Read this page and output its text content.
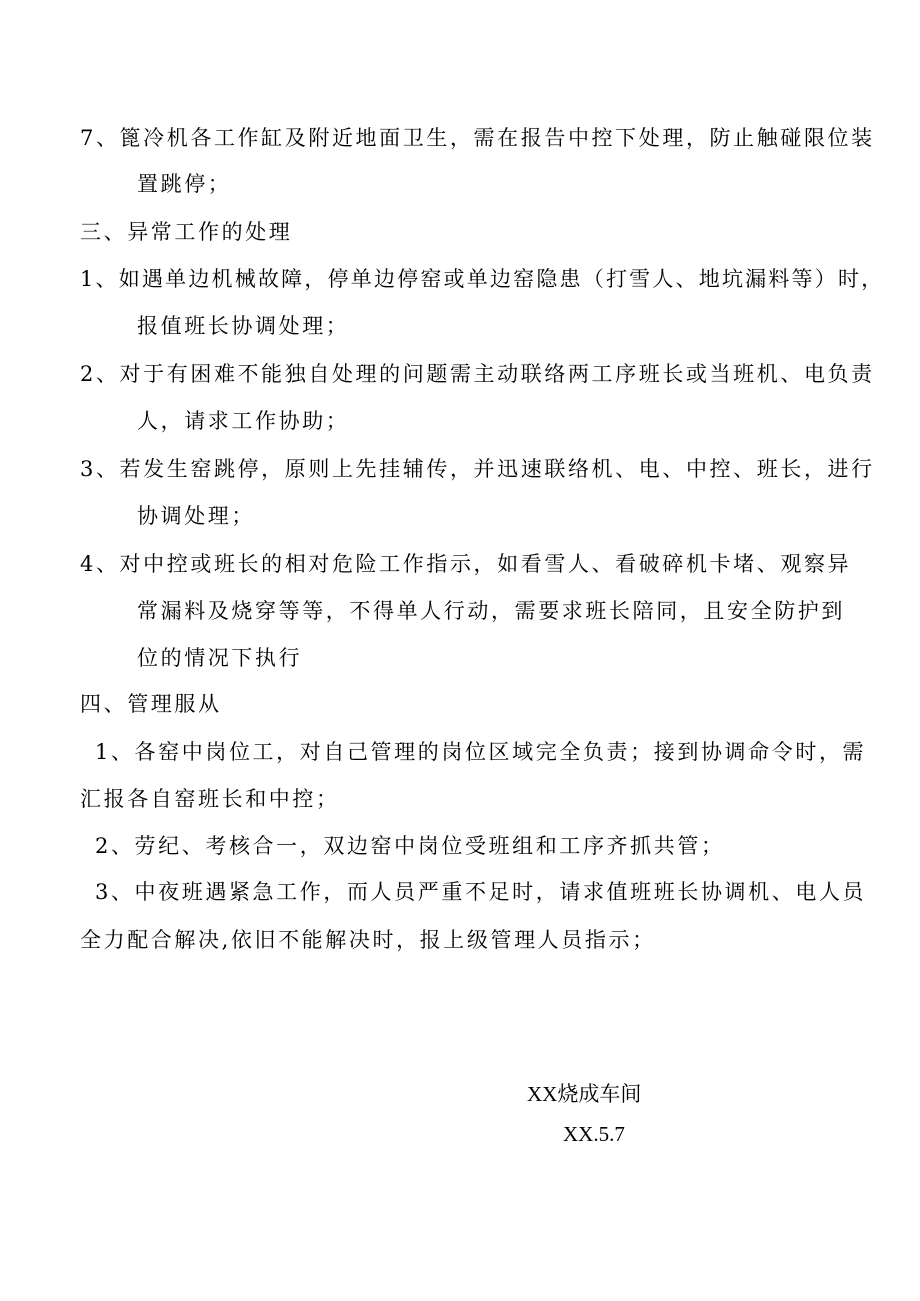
7、篦冷机各工作缸及附近地面卫生，需在报告中控下处理，防止触碰限位装
置跳停；
三、异常工作的处理
1、如遇单边机械故障，停单边停窑或单边窑隐患（打雪人、地坑漏料等）时，
报值班长协调处理；
2、对于有困难不能独自处理的问题需主动联络两工序班长或当班机、电负责
人，请求工作协助；
3、若发生窑跳停，原则上先挂辅传，并迅速联络机、电、中控、班长，进行
协调处理；
4、对中控或班长的相对危险工作指示，如看雪人、看破碎机卡堵、观察异
常漏料及烧穿等等，不得单人行动，需要求班长陪同，且安全防护到
位的情况下执行
四、管理服从
1、各窑中岗位工，对自己管理的岗位区域完全负责；接到协调命令时，需
汇报各自窑班长和中控；
2、劳纪、考核合一，双边窑中岗位受班组和工序齐抓共管；
3、中夜班遇紧急工作，而人员严重不足时，请求值班班长协调机、电人员
全力配合解决,依旧不能解决时，报上级管理人员指示；
XX烧成车间
XX.5.7
